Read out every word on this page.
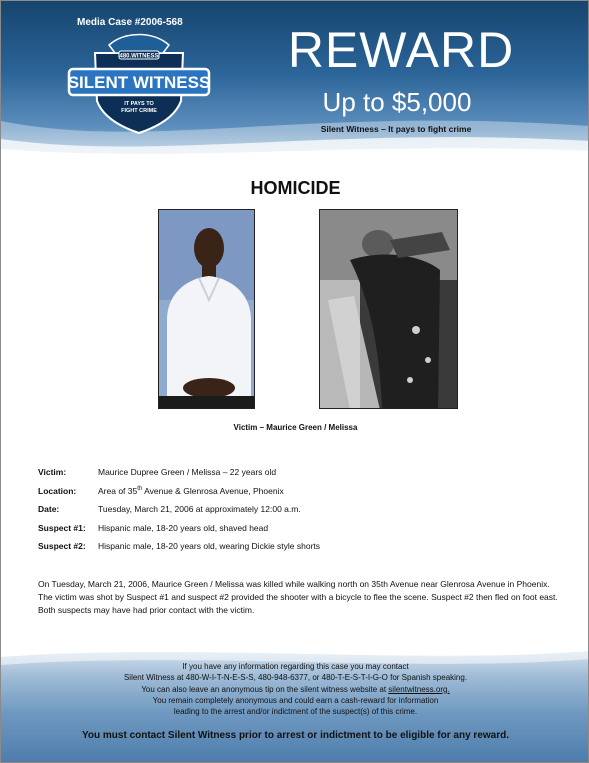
Media Case #2006-568
480.WITNESS
SILENT WITNESS
IT PAYS TO
FIGHT CRIME
REWARD
Up to $5,000
Silent Witness – It pays to fight crime
HOMICIDE
Victim – Maurice Green / Melissa
Victim:	Maurice Dupree Green / Melissa – 22 years old
Location:	Area of 35th Avenue & Glenrosa Avenue, Phoenix
Date:	Tuesday, March 21, 2006 at approximately 12:00 a.m.
Suspect #1: Hispanic male, 18-20 years old, shaved head
Suspect #2: Hispanic male, 18-20 years old, wearing Dickie style shorts
On Tuesday, March 21, 2006, Maurice Green / Melissa was killed while walking north on 35th Avenue near Glenrosa Avenue in Phoenix. The victim was shot by Suspect #1 and suspect #2 provided the shooter with a bicycle to flee the scene. Suspect #2 then fled on foot east. Both suspects may have had prior contact with the victim.
If you have any information regarding this case you may contact
Silent Witness at 480-W-I-T-N-E-S-S, 480-948-6377, or 480-T-E-S-T-I-G-O for Spanish speaking.
You can also leave an anonymous tip on the silent witness website at silentwitness.org.
You remain completely anonymous and could earn a cash-reward for information
leading to the arrest and/or indictment of the suspect(s) of this crime.
You must contact Silent Witness prior to arrest or indictment to be eligible for any reward.
